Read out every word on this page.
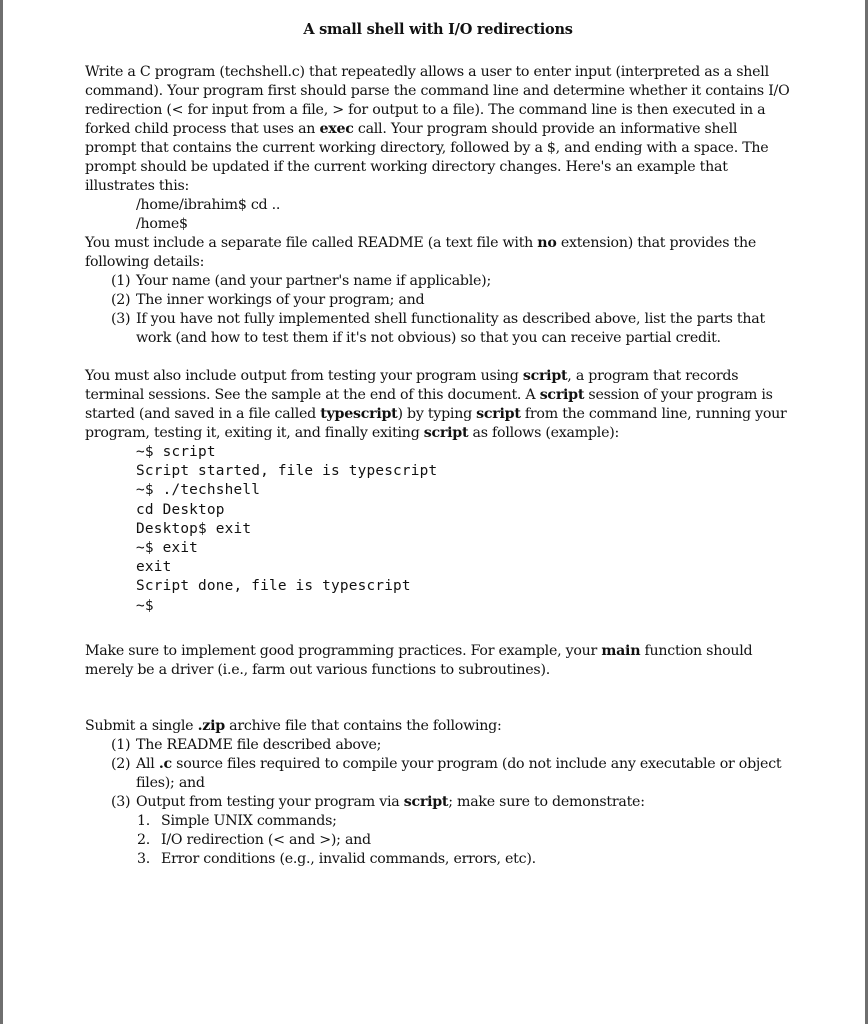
A small shell with I/O redirections

Write a C program (techshell.c) that repeatedly allows a user to enter input (interpreted as a shell command). Your program first should parse the command line and determine whether it contains I/O redirection (< for input from a file, > for output to a file). The command line is then executed in a forked child process that uses an exec call. Your program should provide an informative shell prompt that contains the current working directory, followed by a $, and ending with a space. The prompt should be updated if the current working directory changes. Here's an example that illustrates this:

/home/ibrahim$ cd ..
/home$

You must include a separate file called README (a text file with no extension) that provides the following details:

(1) Your name (and your partner's name if applicable);
(2) The inner workings of your program; and
(3) If you have not fully implemented shell functionality as described above, list the parts that work (and how to test them if it's not obvious) so that you can receive partial credit.

You must also include output from testing your program using script, a program that records terminal sessions. See the sample at the end of this document. A script session of your program is started (and saved in a file called typescript) by typing script from the command line, running your program, testing it, exiting it, and finally exiting script as follows (example):

~$ script
Script started, file is typescript
~$ ./techshell
cd Desktop
Desktop$ exit
~$ exit
exit
Script done, file is typescript
~$

Make sure to implement good programming practices. For example, your main function should merely be a driver (i.e., farm out various functions to subroutines).

Submit a single .zip archive file that contains the following:

(1) The README file described above;
(2) All .c source files required to compile your program (do not include any executable or object files); and
(3) Output from testing your program via script; make sure to demonstrate:
1. Simple UNIX commands;
2. I/O redirection (< and >); and
3. Error conditions (e.g., invalid commands, errors, etc).
